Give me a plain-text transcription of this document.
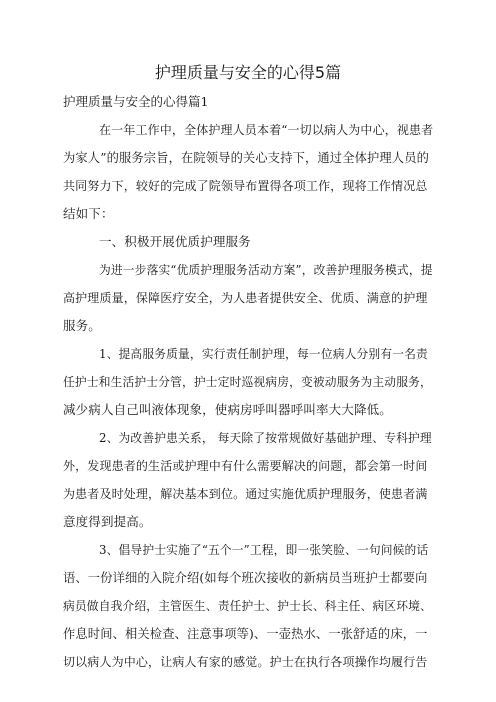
护理质量与安全的心得5篇
护理质量与安全的心得篇1
在一年工作中，全体护理人员本着“一切以病人为中心，视患者
为家人”的服务宗旨，在院领导的关心支持下，通过全体护理人员的
共同努力下，较好的完成了院领导布置得各项工作，现将工作情况总
结如下：
一、积极开展优质护理服务
为进一步落实“优质护理服务活动方案”，改善护理服务模式，提
高护理质量，保障医疗安全，为人患者提供安全、优质、满意的护理
服务。
1、提高服务质量，实行责任制护理，每一位病人分别有一名责
任护士和生活护士分管，护士定时巡视病房，变被动服务为主动服务，
减少病人自己叫液体现象，使病房呼叫器呼叫率大大降低。
2、为改善护患关系， 每天除了按常规做好基础护理、专科护理
外，发现患者的生活或护理中有什么需要解决的问题，都会第一时间
为患者及时处理，解决基本到位。通过实施优质护理服务，使患者满
意度得到提高。
3、倡导护士实施了“五个一”工程，即一张笑脸、一句问候的话
语、一份详细的入院介绍(如每个班次接收的新病员当班护士都要向
病员做自我介绍，主管医生、责任护士、护士长、科主任、病区环境、
作息时间、相关检查、注意事项等)、一壶热水、一张舒适的床，一
切以病人为中心，让病人有家的感觉。护士在执行各项操作均履行告
